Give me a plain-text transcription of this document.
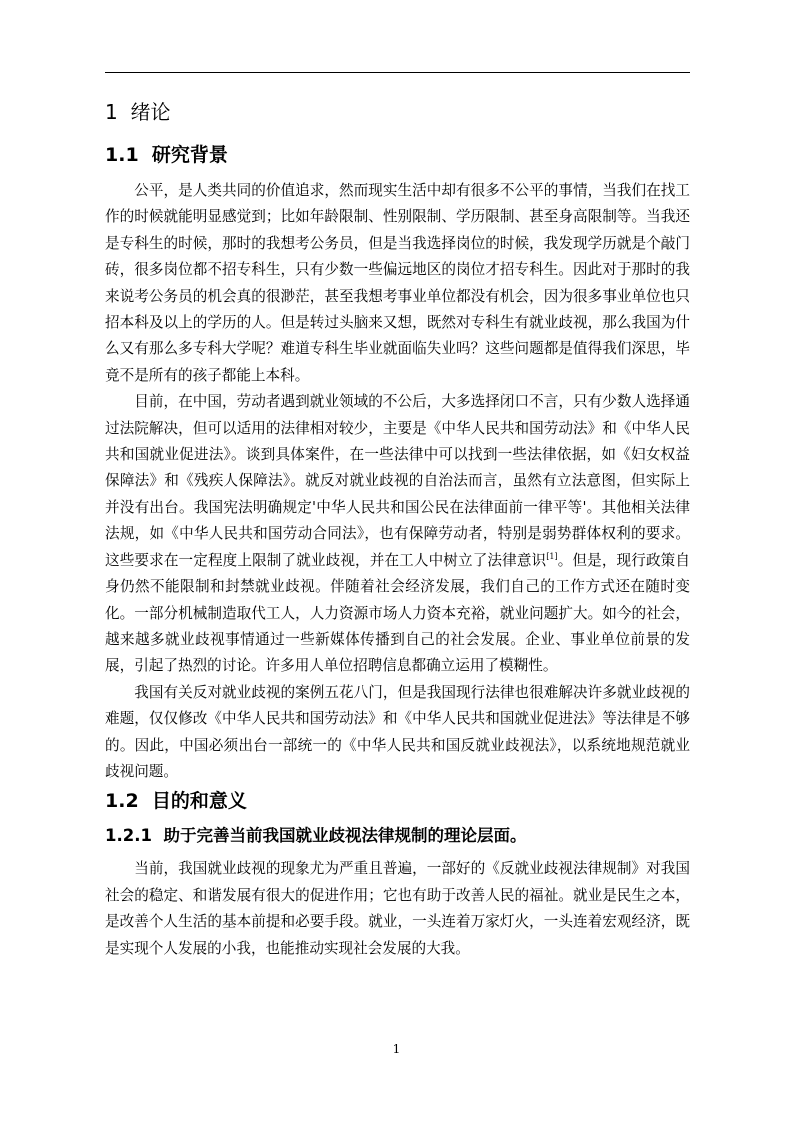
1  绪论
1.1  研究背景

公平，是人类共同的价值追求，然而现实生活中却有很多不公平的事情，当我们在找工作的时候就能明显感觉到；比如年龄限制、性别限制、学历限制、甚至身高限制等。当我还是专科生的时候，那时的我想考公务员，但是当我选择岗位的时候，我发现学历就是个敲门砖，很多岗位都不招专科生，只有少数一些偏远地区的岗位才招专科生。因此对于那时的我来说考公务员的机会真的很渺茫，甚至我想考事业单位都没有机会，因为很多事业单位也只招本科及以上的学历的人。但是转过头脑来又想，既然对专科生有就业歧视，那么我国为什么又有那么多专科大学呢？难道专科生毕业就面临失业吗？这些问题都是值得我们深思，毕竟不是所有的孩子都能上本科。

目前，在中国，劳动者遇到就业领域的不公后，大多选择闭口不言，只有少数人选择通过法院解决，但可以适用的法律相对较少，主要是《中华人民共和国劳动法》和《中华人民共和国就业促进法》。谈到具体案件，在一些法律中可以找到一些法律依据，如《妇女权益保障法》和《残疾人保障法》。就反对就业歧视的自治法而言，虽然有立法意图，但实际上并没有出台。我国宪法明确规定'中华人民共和国公民在法律面前一律平等'。其他相关法律法规，如《中华人民共和国劳动合同法》，也有保障劳动者，特别是弱势群体权利的要求。这些要求在一定程度上限制了就业歧视，并在工人中树立了法律意识[1]。但是，现行政策自身仍然不能限制和封禁就业歧视。伴随着社会经济发展，我们自己的工作方式还在随时变化。一部分机械制造取代工人，人力资源市场人力资本充裕，就业问题扩大。如今的社会，越来越多就业歧视事情通过一些新媒体传播到自己的社会发展。企业、事业单位前景的发展，引起了热烈的讨论。许多用人单位招聘信息都确立运用了模糊性。

我国有关反对就业歧视的案例五花八门，但是我国现行法律也很难解决许多就业歧视的难题，仅仅修改《中华人民共和国劳动法》和《中华人民共和国就业促进法》等法律是不够的。因此，中国必须出台一部统一的《中华人民共和国反就业歧视法》，以系统地规范就业歧视问题。

1.2  目的和意义
1.2.1  助于完善当前我国就业歧视法律规制的理论层面。

当前，我国就业歧视的现象尤为严重且普遍，一部好的《反就业歧视法律规制》对我国社会的稳定、和谐发展有很大的促进作用；它也有助于改善人民的福祉。就业是民生之本，是改善个人生活的基本前提和必要手段。就业，一头连着万家灯火，一头连着宏观经济，既是实现个人发展的小我，也能推动实现社会发展的大我。

1
